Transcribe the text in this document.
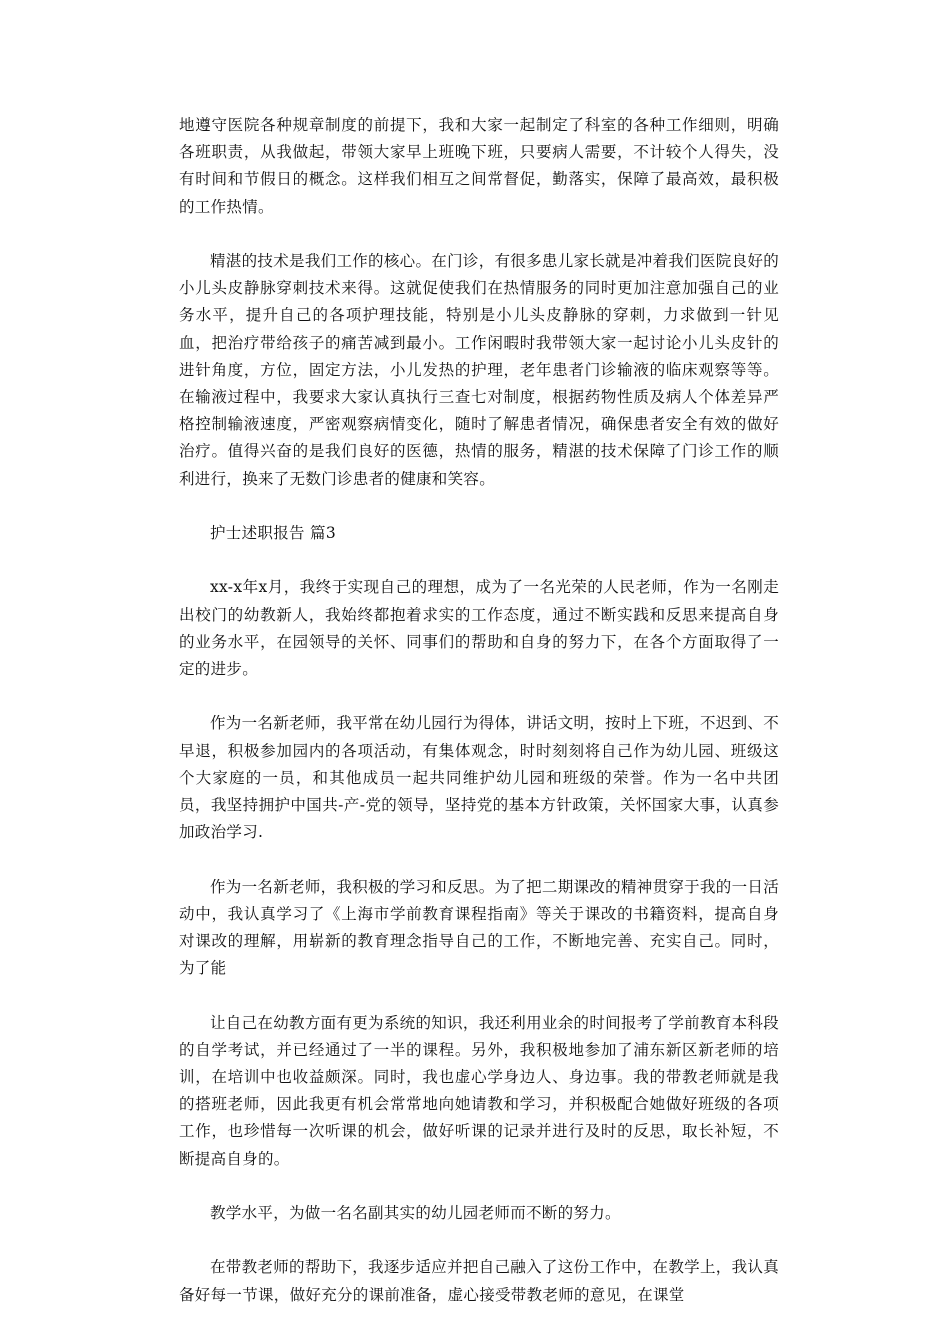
地遵守医院各种规章制度的前提下，我和大家一起制定了科室的各种工作细则，明确各班职责，从我做起，带领大家早上班晚下班，只要病人需要，不计较个人得失，没有时间和节假日的概念。这样我们相互之间常督促，勤落实，保障了最高效，最积极的工作热情。

精湛的技术是我们工作的核心。在门诊，有很多患儿家长就是冲着我们医院良好的小儿头皮静脉穿刺技术来得。这就促使我们在热情服务的同时更加注意加强自己的业务水平，提升自己的各项护理技能，特别是小儿头皮静脉的穿刺，力求做到一针见血，把治疗带给孩子的痛苦减到最小。工作闲暇时我带领大家一起讨论小儿头皮针的进针角度，方位，固定方法，小儿发热的护理，老年患者门诊输液的临床观察等等。在输液过程中，我要求大家认真执行三查七对制度，根据药物性质及病人个体差异严格控制输液速度，严密观察病情变化，随时了解患者情况，确保患者安全有效的做好治疗。值得兴奋的是我们良好的医德，热情的服务，精湛的技术保障了门诊工作的顺利进行，换来了无数门诊患者的健康和笑容。

护士述职报告 篇3

xx-x年x月，我终于实现自己的理想，成为了一名光荣的人民老师，作为一名刚走出校门的幼教新人，我始终都抱着求实的工作态度，通过不断实践和反思来提高自身的业务水平，在园领导的关怀、同事们的帮助和自身的努力下，在各个方面取得了一定的进步。

作为一名新老师，我平常在幼儿园行为得体，讲话文明，按时上下班，不迟到、不早退，积极参加园内的各项活动，有集体观念，时时刻刻将自己作为幼儿园、班级这个大家庭的一员，和其他成员一起共同维护幼儿园和班级的荣誉。作为一名中共团员，我坚持拥护中国共-产-党的领导，坚持党的基本方针政策，关怀国家大事，认真参加政治学习.

作为一名新老师，我积极的学习和反思。为了把二期课改的精神贯穿于我的一日活动中，我认真学习了《上海市学前教育课程指南》等关于课改的书籍资料，提高自身对课改的理解，用崭新的教育理念指导自己的工作，不断地完善、充实自己。同时，为了能

让自己在幼教方面有更为系统的知识，我还利用业余的时间报考了学前教育本科段的自学考试，并已经通过了一半的课程。另外，我积极地参加了浦东新区新老师的培训，在培训中也收益颇深。同时，我也虚心学身边人、身边事。我的带教老师就是我的搭班老师，因此我更有机会常常地向她请教和学习，并积极配合她做好班级的各项工作，也珍惜每一次听课的机会，做好听课的记录并进行及时的反思，取长补短，不断提高自身的。

教学水平，为做一名名副其实的幼儿园老师而不断的努力。

在带教老师的帮助下，我逐步适应并把自己融入了这份工作中，在教学上，我认真备好每一节课，做好充分的课前准备，虚心接受带教老师的意见，在课堂
